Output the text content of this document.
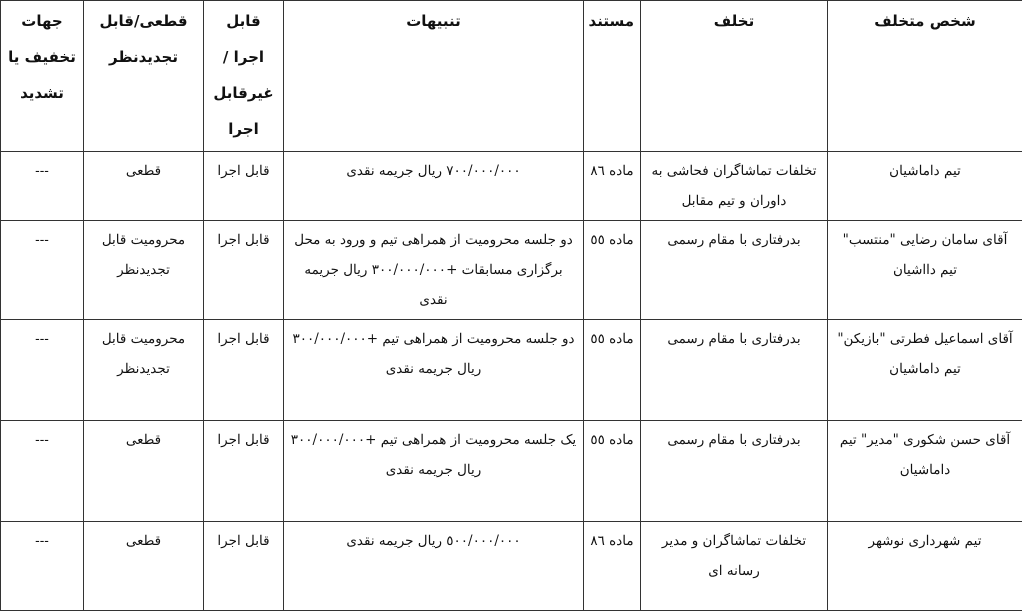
شخص متخلف	تخلف	مستند	تنبیهات	قابل اجرا /غیرقابل اجرا	قطعی/قابل تجدیدنظر	جهات تخفیف یا تشدید
تیم داماشیان	تخلفات تماشاگران فحاشی به داوران و تیم مقابل	ماده ٨٦	٧٠٠/٠٠٠/٠٠٠ ریال جریمه نقدی	قابل اجرا	قطعی	---
آقای سامان رضایی "منتسب" تیم دااشیان	بدرفتاری با مقام رسمی	ماده ٥٥	دو جلسه محرومیت از همراهی تیم و ورود به محل برگزاری مسابقات +٣٠٠/٠٠٠/٠٠٠ ریال جریمه نقدی	قابل اجرا	محرومیت قابل تجدیدنظر	---
آقای اسماعیل فطرتی "بازیکن" تیم داماشیان	بدرفتاری با مقام رسمی	ماده ٥٥	دو جلسه محرومیت از همراهی تیم +٣٠٠/٠٠٠/٠٠٠ ریال جریمه نقدی	قابل اجرا	محرومیت قابل تجدیدنظر	---
آقای حسن شکوری "مدیر" تیم داماشیان	بدرفتاری با مقام رسمی	ماده ٥٥	یک جلسه محرومیت از همراهی تیم +٣٠٠/٠٠٠/٠٠٠ ریال جریمه نقدی	قابل اجرا	قطعی	---
تیم شهرداری نوشهر	تخلفات تماشاگران و مدیر رسانه ای	ماده ٨٦	٥٠٠/٠٠٠/٠٠٠ ریال جریمه نقدی	قابل اجرا	قطعی	---
